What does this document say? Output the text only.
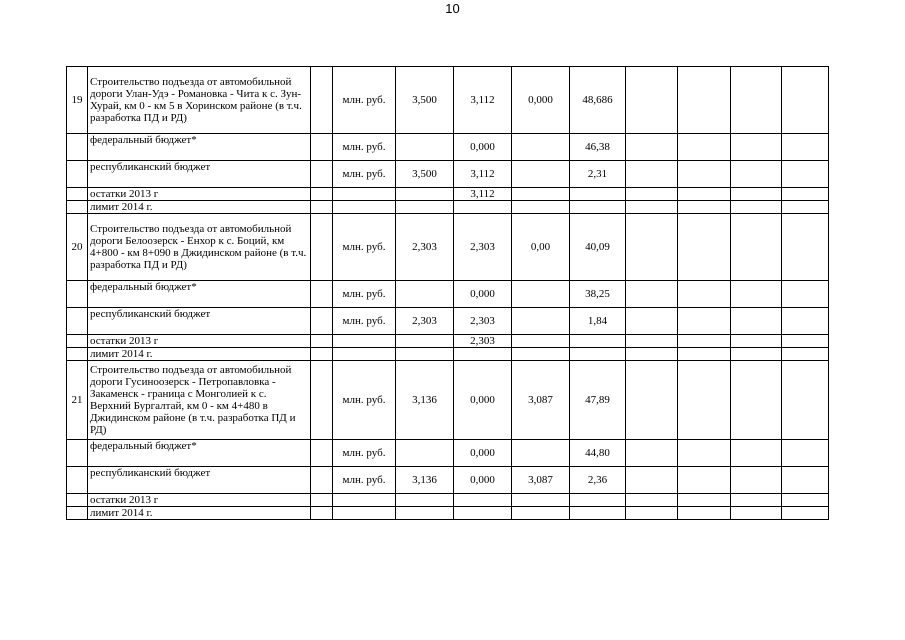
10
19	Строительство подъезда от автомобильной дороги Улан-Удэ - Романовка - Чита к с. Зун-Хурай, км 0 - км 5 в Хоринском районе (в т.ч. разработка ПД и РД)		млн. руб.	3,500	3,112	0,000	48,686				
	федеральный бюджет*		млн. руб.		0,000		46,38				
	республиканский бюджет		млн. руб.	3,500	3,112		2,31				
	остатки 2013 г				3,112						
	лимит 2014 г.										
20	Строительство подъезда от автомобильной дороги Белоозерск - Енхор к с. Боций, км 4+800 - км 8+090 в Джидинском районе (в т.ч. разработка ПД и РД)		млн. руб.	2,303	2,303	0,00	40,09				
	федеральный бюджет*		млн. руб.		0,000		38,25				
	республиканский бюджет		млн. руб.	2,303	2,303		1,84				
	остатки 2013 г				2,303						
	лимит 2014 г.										
21	Строительство подъезда от автомобильной дороги Гусиноозерск - Петропавловка - Закаменск - граница с Монголией к с. Верхний Бургалтай, км 0 - км 4+480 в Джидинском районе (в т.ч. разработка ПД и РД)		млн. руб.	3,136	0,000	3,087	47,89				
	федеральный бюджет*		млн. руб.		0,000		44,80				
	республиканский бюджет		млн. руб.	3,136	0,000	3,087	2,36				
	остатки 2013 г										
	лимит 2014 г.										
